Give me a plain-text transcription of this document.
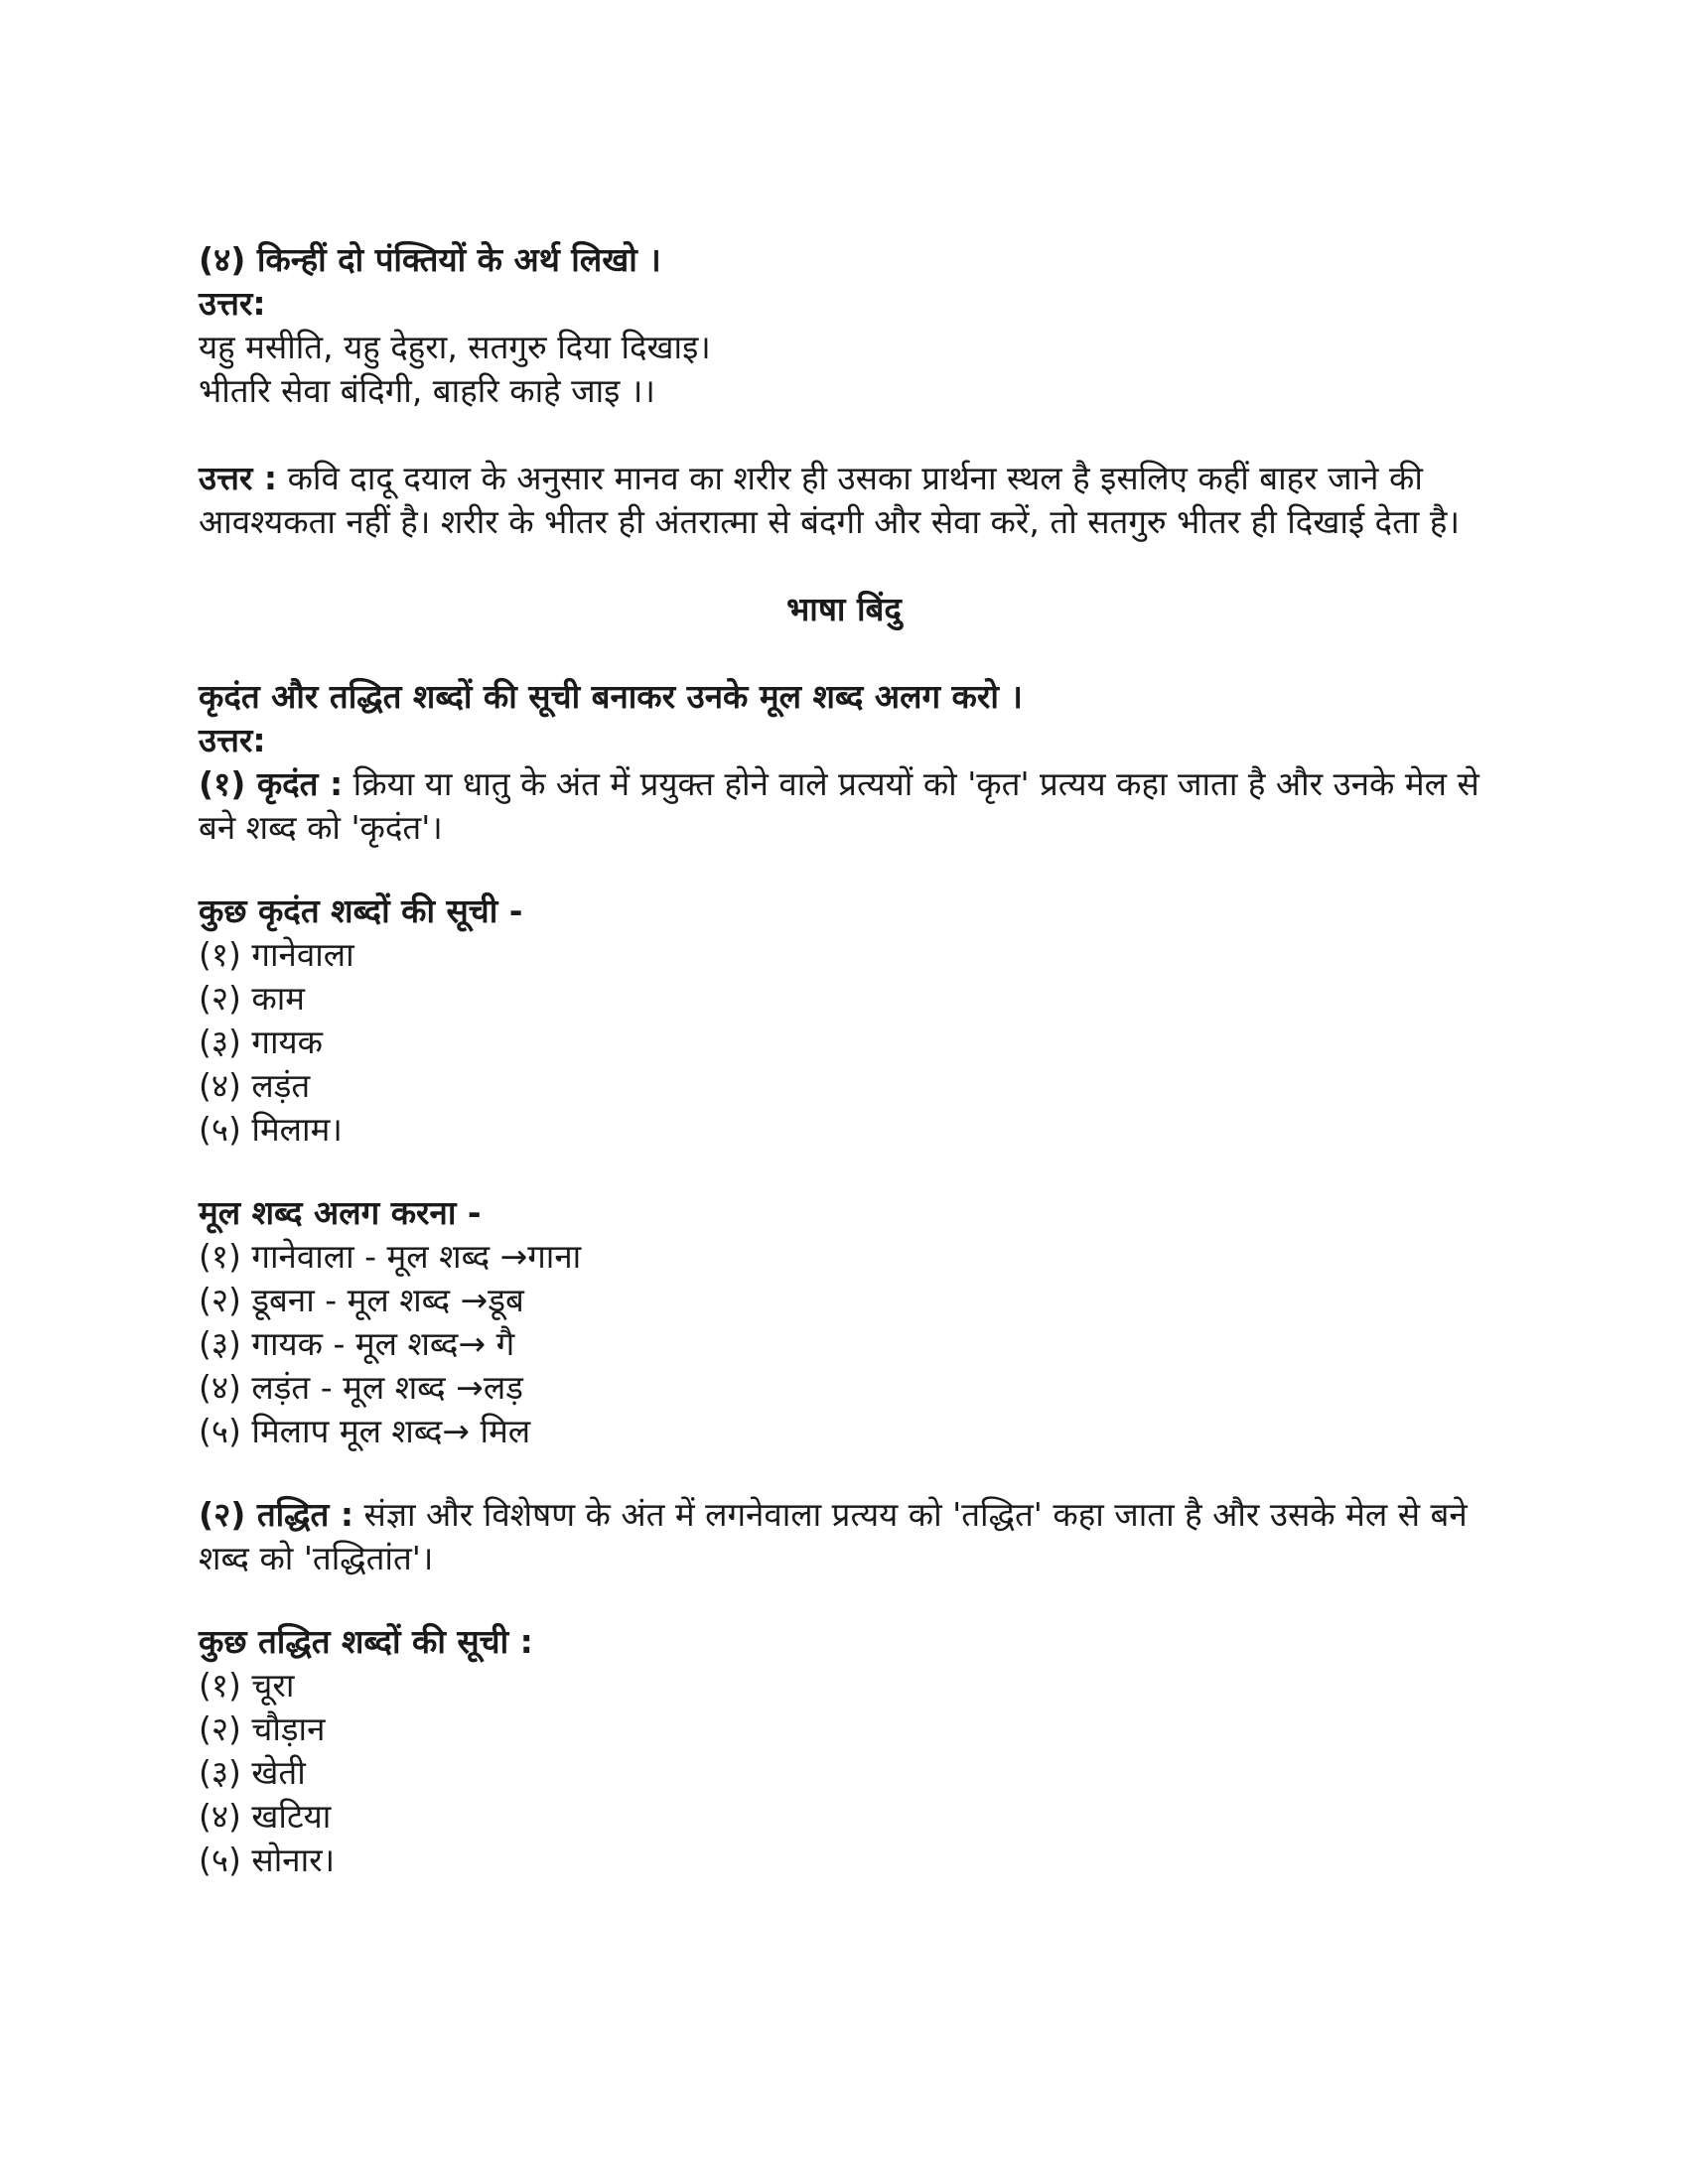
(४) किन्हीं दो पंक्तियों के अर्थ लिखो ।

उत्तर:

यहु मसीति, यहु देहुरा, सतगुरु दिया दिखाइ।

भीतरि सेवा बंदिगी, बाहरि काहे जाइ ।।

उत्तर : कवि दादू दयाल के अनुसार मानव का शरीर ही उसका प्रार्थना स्थल है इसलिए कहीं बाहर जाने की आवश्यकता नहीं है। शरीर के भीतर ही अंतरात्मा से बंदगी और सेवा करें, तो सतगुरु भीतर ही दिखाई देता है।

भाषा बिंदु

कृदंत और तद्धित शब्दों की सूची बनाकर उनके मूल शब्द अलग करो ।

उत्तर:

(१) कृदंत : क्रिया या धातु के अंत में प्रयुक्त होने वाले प्रत्ययों को 'कृत' प्रत्यय कहा जाता है और उनके मेल से बने शब्द को 'कृदंत'।

कुछ कृदंत शब्दों की सूची -

(१) गानेवाला
(२) काम
(३) गायक
(४) लड़ंत
(५) मिलाम।

मूल शब्द अलग करना -

(१) गानेवाला - मूल शब्द →गाना
(२) डूबना - मूल शब्द →डूब
(३) गायक - मूल शब्द→ गै
(४) लड़ंत - मूल शब्द →लड़
(५) मिलाप मूल शब्द→ मिल

(२) तद्धित : संज्ञा और विशेषण के अंत में लगनेवाला प्रत्यय को 'तद्धित' कहा जाता है और उसके मेल से बने शब्द को 'तद्धितांत'।

कुछ तद्धित शब्दों की सूची :

(१) चूरा
(२) चौड़ान
(३) खेती
(४) खटिया
(५) सोनार।
